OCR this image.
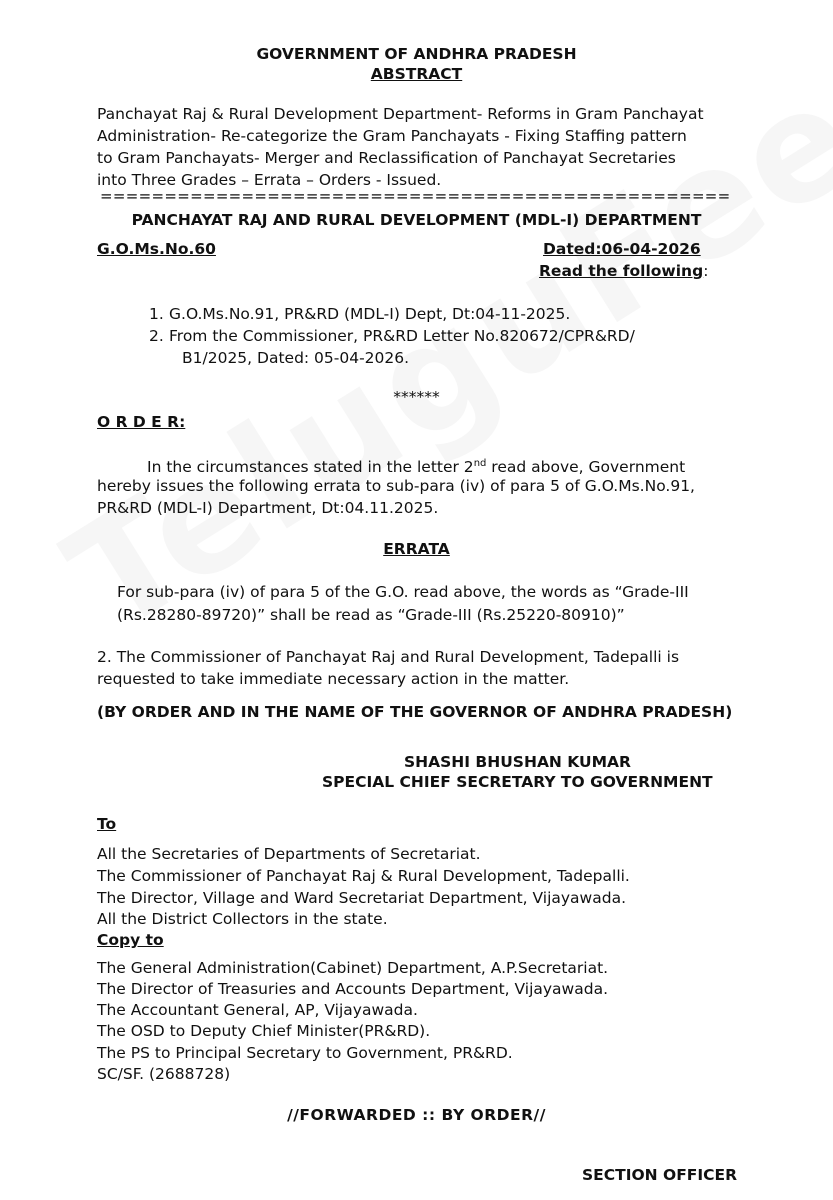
GOVERNMENT OF ANDHRA PRADESH
ABSTRACT
Panchayat Raj & Rural Development Department- Reforms in Gram Panchayat
Administration- Re-categorize the Gram Panchayats - Fixing Staffing pattern
to Gram Panchayats- Merger and Reclassification of Panchayat Secretaries
into Three Grades – Errata – Orders - Issued.
=================================================
PANCHAYAT RAJ AND RURAL DEVELOPMENT (MDL-I) DEPARTMENT
G.O.Ms.No.60	Dated:06-04-2026
Read the following:
1. G.O.Ms.No.91, PR&RD (MDL-I) Dept, Dt:04-11-2025.
2. From the Commissioner, PR&RD Letter No.820672/CPR&RD/
B1/2025, Dated: 05-04-2026.
******
O R D E R:
In the circumstances stated in the letter 2nd read above, Government
hereby issues the following errata to sub-para (iv) of para 5 of G.O.Ms.No.91,
PR&RD (MDL-I) Department, Dt:04.11.2025.
ERRATA
For sub-para (iv) of para 5 of the G.O. read above, the words as “Grade-III
(Rs.28280-89720)” shall be read as “Grade-III (Rs.25220-80910)”
2. The Commissioner of Panchayat Raj and Rural Development, Tadepalli is
requested to take immediate necessary action in the matter.
(BY ORDER AND IN THE NAME OF THE GOVERNOR OF ANDHRA PRADESH)
SHASHI BHUSHAN KUMAR
SPECIAL CHIEF SECRETARY TO GOVERNMENT
To
All the Secretaries of Departments of Secretariat.
The Commissioner of Panchayat Raj & Rural Development, Tadepalli.
The Director, Village and Ward Secretariat Department, Vijayawada.
All the District Collectors in the state.
Copy to
The General Administration(Cabinet) Department, A.P.Secretariat.
The Director of Treasuries and Accounts Department, Vijayawada.
The Accountant General, AP, Vijayawada.
The OSD to Deputy Chief Minister(PR&RD).
The PS to Principal Secretary to Government, PR&RD.
SC/SF. (2688728)
//FORWARDED :: BY ORDER//
SECTION OFFICER
